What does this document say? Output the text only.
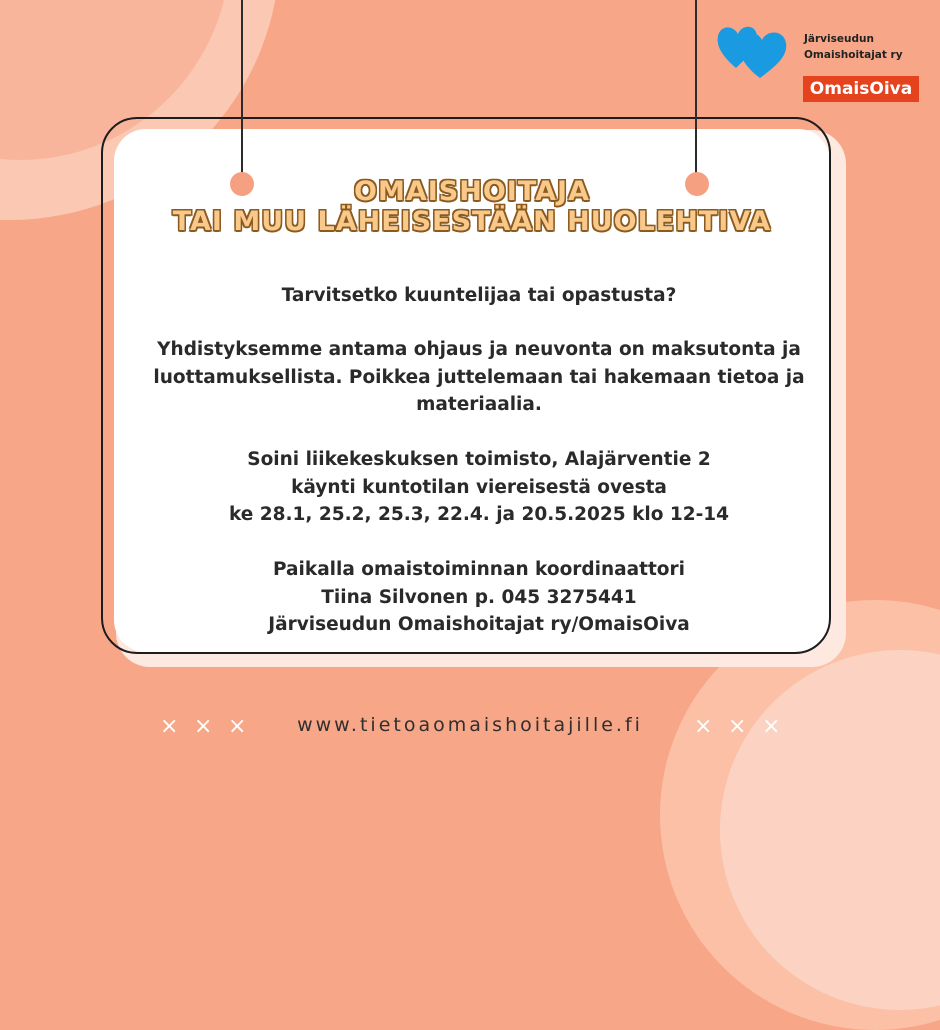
OMAISHOITAJA
TAI MUU LÄHEISESTÄÄN HUOLEHTIVA
Tarvitsetko kuuntelijaa tai opastusta?
Yhdistyksemme antama ohjaus ja neuvonta on maksutonta ja
luottamuksellista. Poikkea juttelemaan tai hakemaan tietoa ja
materiaalia.
Soini liikekeskuksen toimisto, Alajärventie 2
käynti kuntotilan viereisestä ovesta
ke 28.1, 25.2, 25.3, 22.4. ja 20.5.2025 klo 12-14
Paikalla omaistoiminnan koordinaattori
Tiina Silvonen p. 045 3275441
Järviseudun Omaishoitajat ry/OmaisOiva
× × ×	www.tietoaomaishoitajille.fi	× × ×
Järviseudun
Omaishoitajat ry
OmaisOiva
